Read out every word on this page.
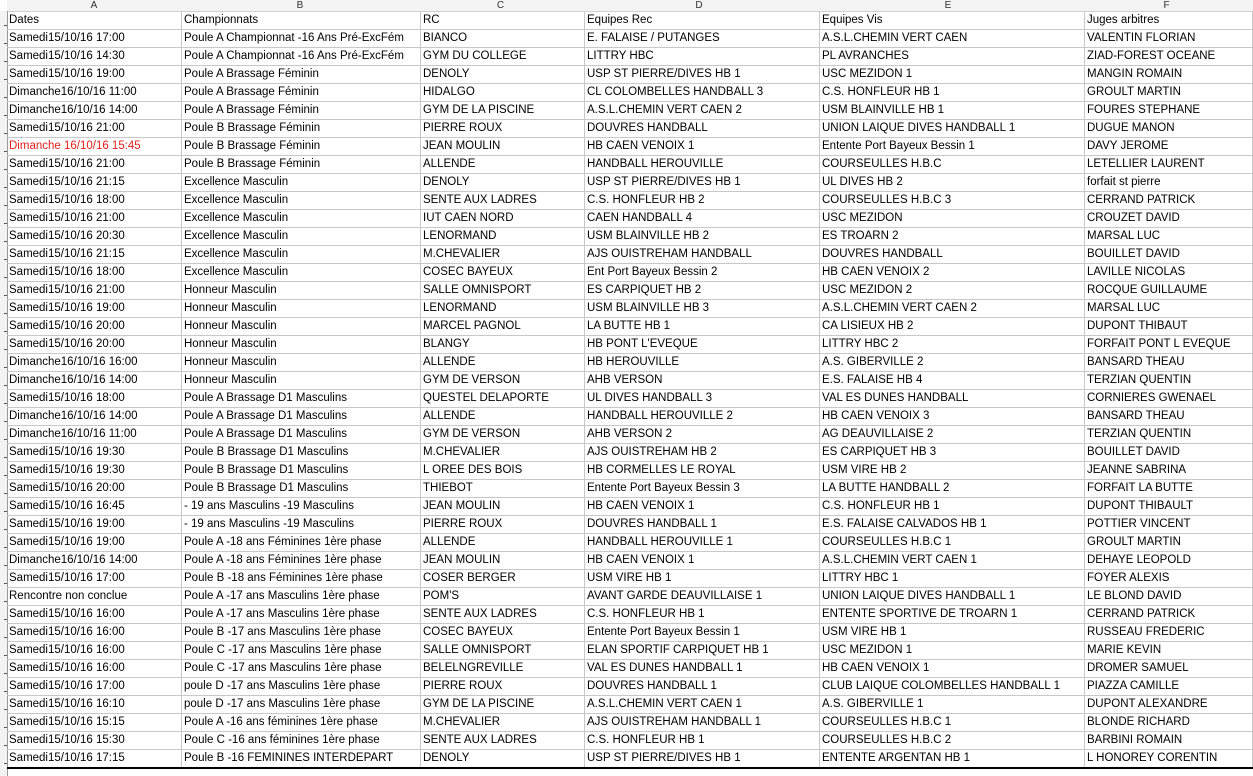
A	B	C	D	E	F
Dates	Championnats	RC	Equipes Rec	Equipes Vis	Juges arbitres
Samedi15/10/16 17:00	Poule A Championnat -16 Ans Pré-ExcFém	BIANCO	E. FALAISE / PUTANGES	A.S.L.CHEMIN VERT CAEN	VALENTIN FLORIAN
Samedi15/10/16 14:30	Poule A Championnat -16 Ans Pré-ExcFém	GYM DU COLLEGE	LITTRY HBC	PL AVRANCHES	ZIAD-FOREST OCEANE
Samedi15/10/16 19:00	Poule A Brassage Féminin	DENOLY	USP ST PIERRE/DIVES HB 1	USC MEZIDON 1	MANGIN ROMAIN
Dimanche16/10/16 11:00	Poule A Brassage Féminin	HIDALGO	CL COLOMBELLES HANDBALL 3	C.S. HONFLEUR HB 1	GROULT MARTIN
Dimanche16/10/16 14:00	Poule A Brassage Féminin	GYM DE LA PISCINE	A.S.L.CHEMIN VERT CAEN 2	USM BLAINVILLE HB 1	FOURES STEPHANE
Samedi15/10/16 21:00	Poule B Brassage Féminin	PIERRE ROUX	DOUVRES HANDBALL	UNION LAIQUE DIVES HANDBALL 1	DUGUE MANON
Dimanche 16/10/16 15:45	Poule B Brassage Féminin	JEAN MOULIN	HB CAEN VENOIX 1	Entente Port Bayeux Bessin 1	DAVY JEROME
Samedi15/10/16 21:00	Poule B Brassage Féminin	ALLENDE	HANDBALL HEROUVILLE	COURSEULLES H.B.C	LETELLIER LAURENT
Samedi15/10/16 21:15	Excellence Masculin	DENOLY	USP ST PIERRE/DIVES HB 1	UL DIVES HB 2	forfait st pierre
Samedi15/10/16 18:00	Excellence Masculin	SENTE AUX LADRES	C.S. HONFLEUR HB 2	COURSEULLES H.B.C 3	CERRAND PATRICK
Samedi15/10/16 21:00	Excellence Masculin	IUT CAEN NORD	CAEN HANDBALL 4	USC MEZIDON	CROUZET DAVID
Samedi15/10/16 20:30	Excellence Masculin	LENORMAND	USM BLAINVILLE HB 2	ES TROARN 2	MARSAL LUC
Samedi15/10/16 21:15	Excellence Masculin	M.CHEVALIER	AJS OUISTREHAM HANDBALL	DOUVRES HANDBALL	BOUILLET DAVID
Samedi15/10/16 18:00	Excellence Masculin	COSEC BAYEUX	Ent Port Bayeux Bessin 2	HB CAEN VENOIX 2	LAVILLE NICOLAS
Samedi15/10/16 21:00	Honneur Masculin	SALLE OMNISPORT	ES CARPIQUET HB 2	USC MEZIDON 2	ROCQUE GUILLAUME
Samedi15/10/16 19:00	Honneur Masculin	LENORMAND	USM BLAINVILLE HB 3	A.S.L.CHEMIN VERT CAEN 2	MARSAL LUC
Samedi15/10/16 20:00	Honneur Masculin	MARCEL PAGNOL	LA BUTTE HB 1	CA LISIEUX HB 2	DUPONT THIBAUT
Samedi15/10/16 20:00	Honneur Masculin	BLANGY	HB PONT L'EVEQUE	LITTRY HBC 2	FORFAIT PONT L EVEQUE
Dimanche16/10/16 16:00	Honneur Masculin	ALLENDE	HB HEROUVILLE	A.S. GIBERVILLE 2	BANSARD THEAU
Dimanche16/10/16 14:00	Honneur Masculin	GYM DE VERSON	AHB VERSON	E.S. FALAISE HB 4	TERZIAN QUENTIN
Samedi15/10/16 18:00	Poule A Brassage D1 Masculins	QUESTEL DELAPORTE	UL DIVES HANDBALL 3	VAL ES DUNES HANDBALL	CORNIERES GWENAEL
Dimanche16/10/16 14:00	Poule A Brassage D1 Masculins	ALLENDE	HANDBALL HEROUVILLE 2	HB CAEN VENOIX 3	BANSARD THEAU
Dimanche16/10/16 11:00	Poule A Brassage D1 Masculins	GYM DE VERSON	AHB VERSON 2	AG DEAUVILLAISE 2	TERZIAN QUENTIN
Samedi15/10/16 19:30	Poule B Brassage D1 Masculins	M.CHEVALIER	AJS OUISTREHAM HB 2	ES CARPIQUET HB 3	BOUILLET DAVID
Samedi15/10/16 19:30	Poule B Brassage D1 Masculins	L OREE DES BOIS	HB CORMELLES LE ROYAL	USM VIRE HB 2	JEANNE SABRINA
Samedi15/10/16 20:00	Poule B Brassage D1 Masculins	THIEBOT	Entente Port Bayeux Bessin 3	LA BUTTE HANDBALL 2	FORFAIT LA BUTTE
Samedi15/10/16 16:45	- 19 ans Masculins -19 Masculins	JEAN MOULIN	HB CAEN VENOIX 1	C.S. HONFLEUR HB 1	DUPONT THIBAULT
Samedi15/10/16 19:00	- 19 ans Masculins -19 Masculins	PIERRE ROUX	DOUVRES HANDBALL 1	E.S. FALAISE CALVADOS HB 1	POTTIER VINCENT
Samedi15/10/16 19:00	Poule A -18 ans Féminines 1ère phase	ALLENDE	HANDBALL HEROUVILLE 1	COURSEULLES H.B.C 1	GROULT MARTIN
Dimanche16/10/16 14:00	Poule A -18 ans Féminines 1ère phase	JEAN MOULIN	HB CAEN VENOIX 1	A.S.L.CHEMIN VERT CAEN 1	DEHAYE LEOPOLD
Samedi15/10/16 17:00	Poule B -18 ans Féminines 1ère phase	COSER BERGER	USM VIRE HB 1	LITTRY HBC 1	FOYER ALEXIS
Rencontre non conclue	Poule A -17 ans Masculins 1ère phase	POM'S	AVANT GARDE DEAUVILLAISE 1	UNION LAIQUE DIVES HANDBALL 1	LE BLOND DAVID
Samedi15/10/16 16:00	Poule A -17 ans Masculins 1ère phase	SENTE AUX LADRES	C.S. HONFLEUR HB 1	ENTENTE SPORTIVE DE TROARN 1	CERRAND PATRICK
Samedi15/10/16 16:00	Poule B -17 ans Masculins 1ère phase	COSEC BAYEUX	Entente Port Bayeux Bessin 1	USM VIRE HB 1	RUSSEAU FREDERIC
Samedi15/10/16 16:00	Poule C -17 ans Masculins 1ère phase	SALLE OMNISPORT	ELAN SPORTIF CARPIQUET HB 1	USC MEZIDON 1	MARIE KEVIN
Samedi15/10/16 16:00	Poule C -17 ans Masculins 1ère phase	BELELNGREVILLE	VAL ES DUNES HANDBALL 1	HB CAEN VENOIX 1	DROMER SAMUEL
Samedi15/10/16 17:00	poule D -17 ans Masculins 1ère phase	PIERRE ROUX	DOUVRES HANDBALL 1	CLUB LAIQUE COLOMBELLES HANDBALL 1	PIAZZA CAMILLE
Samedi15/10/16 16:10	poule D -17 ans Masculins 1ère phase	GYM DE LA PISCINE	A.S.L.CHEMIN VERT CAEN 1	A.S. GIBERVILLE 1	DUPONT ALEXANDRE
Samedi15/10/16 15:15	Poule A -16 ans féminines 1ère phase	M.CHEVALIER	AJS OUISTREHAM HANDBALL 1	COURSEULLES H.B.C 1	BLONDE RICHARD
Samedi15/10/16 15:30	Poule C -16 ans féminines 1ère phase	SENTE AUX LADRES	C.S. HONFLEUR HB 1	COURSEULLES H.B.C 2	BARBINI ROMAIN
Samedi15/10/16 17:15	Poule B -16 FEMININES INTERDEPART	DENOLY	USP ST PIERRE/DIVES HB 1	ENTENTE ARGENTAN HB 1	L HONOREY CORENTIN
